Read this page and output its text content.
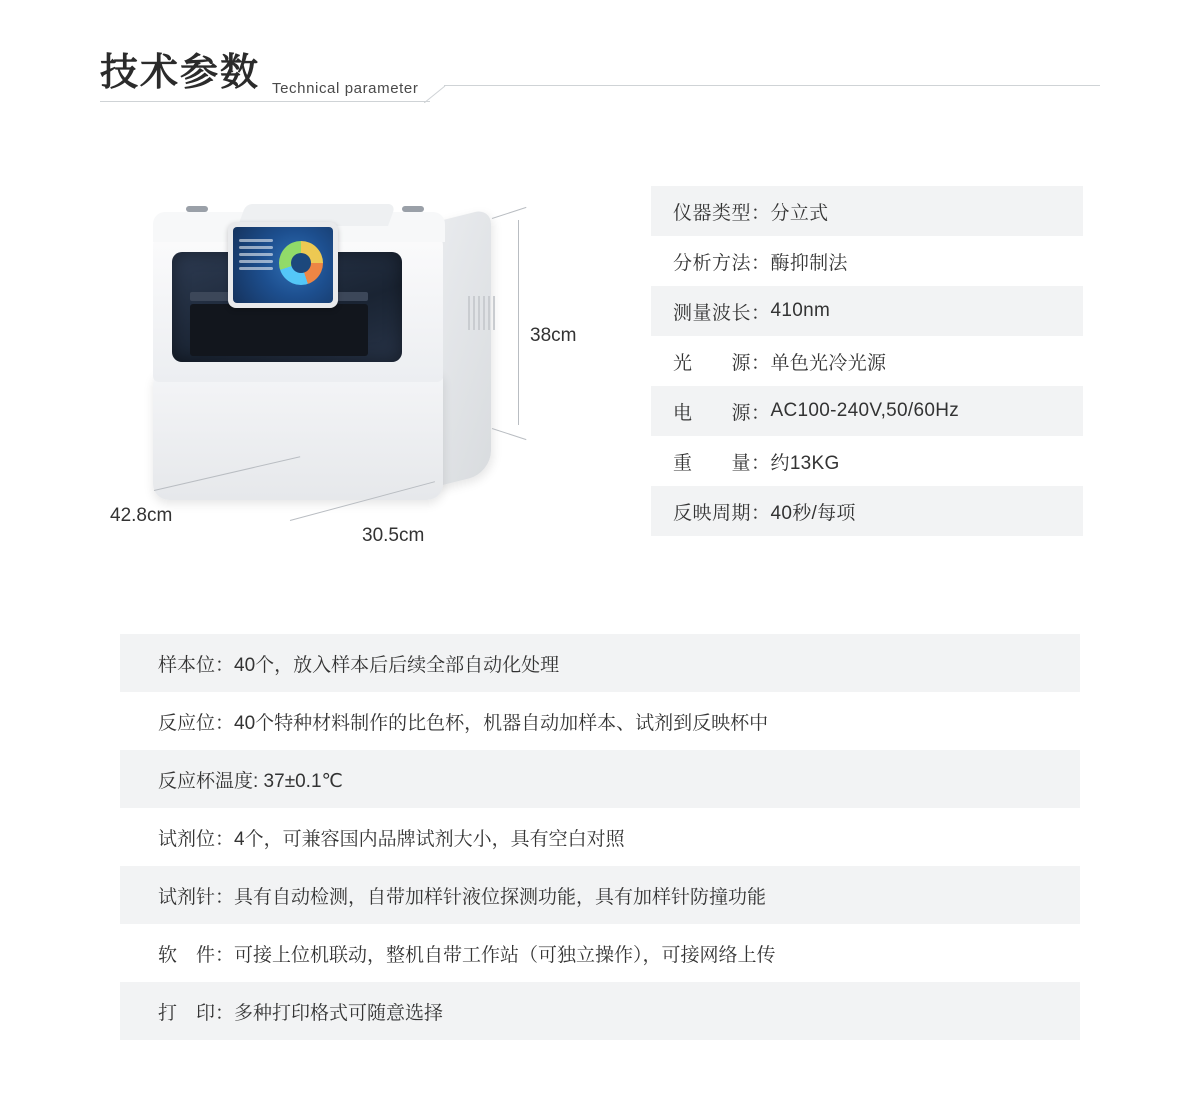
技术参数 Technical parameter
38cm
42.8cm
30.5cm
仪器类型： 分立式
分析方法： 酶抑制法
测量波长： 410nm
光　　源： 单色光冷光源
电　　源： AC100-240V,50/60Hz
重　　量： 约13KG
反映周期： 40秒/每项
样本位：40个，放入样本后后续全部自动化处理
反应位：40个特种材料制作的比色杯，机器自动加样本、试剂到反映杯中
反应杯温度: 37±0.1℃
试剂位：4个，可兼容国内品牌试剂大小，具有空白对照
试剂针：具有自动检测，自带加样针液位探测功能，具有加样针防撞功能
软　件：可接上位机联动，整机自带工作站（可独立操作），可接网络上传
打　印：多种打印格式可随意选择
